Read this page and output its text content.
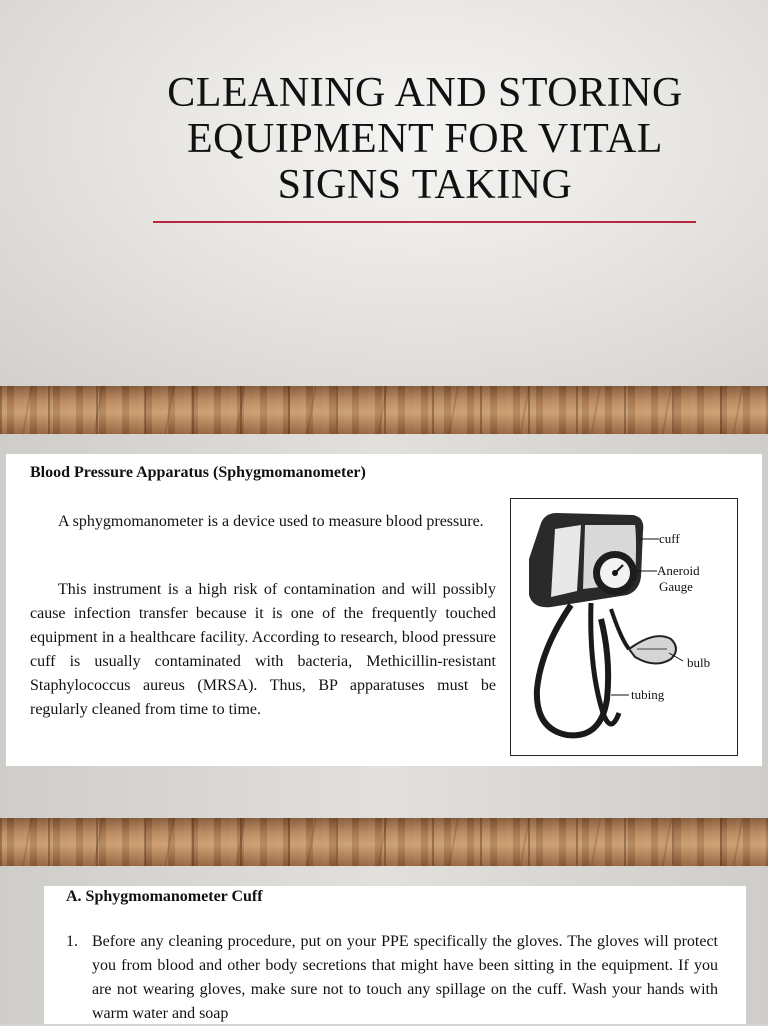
CLEANING AND STORING
EQUIPMENT FOR VITAL
SIGNS TAKING
Blood Pressure Apparatus (Sphygmomanometer)
A sphygmomanometer is a device used to measure blood pressure.
This instrument is a high risk of contamination and will possibly cause infection transfer because it is one of the frequently touched equipment in a healthcare facility. According to research, blood pressure cuff is usually contaminated with bacteria, Methicillin-resistant Staphylococcus aureus (MRSA). Thus, BP apparatuses must be regularly cleaned from time to time.
cuff
Aneroid
Gauge
bulb
tubing
A. Sphygmomanometer Cuff
1. Before any cleaning procedure, put on your PPE specifically the gloves. The gloves will protect you from blood and other body secretions that might have been sitting in the equipment. If you are not wearing gloves, make sure not to touch any spillage on the cuff. Wash your hands with warm water and soap
